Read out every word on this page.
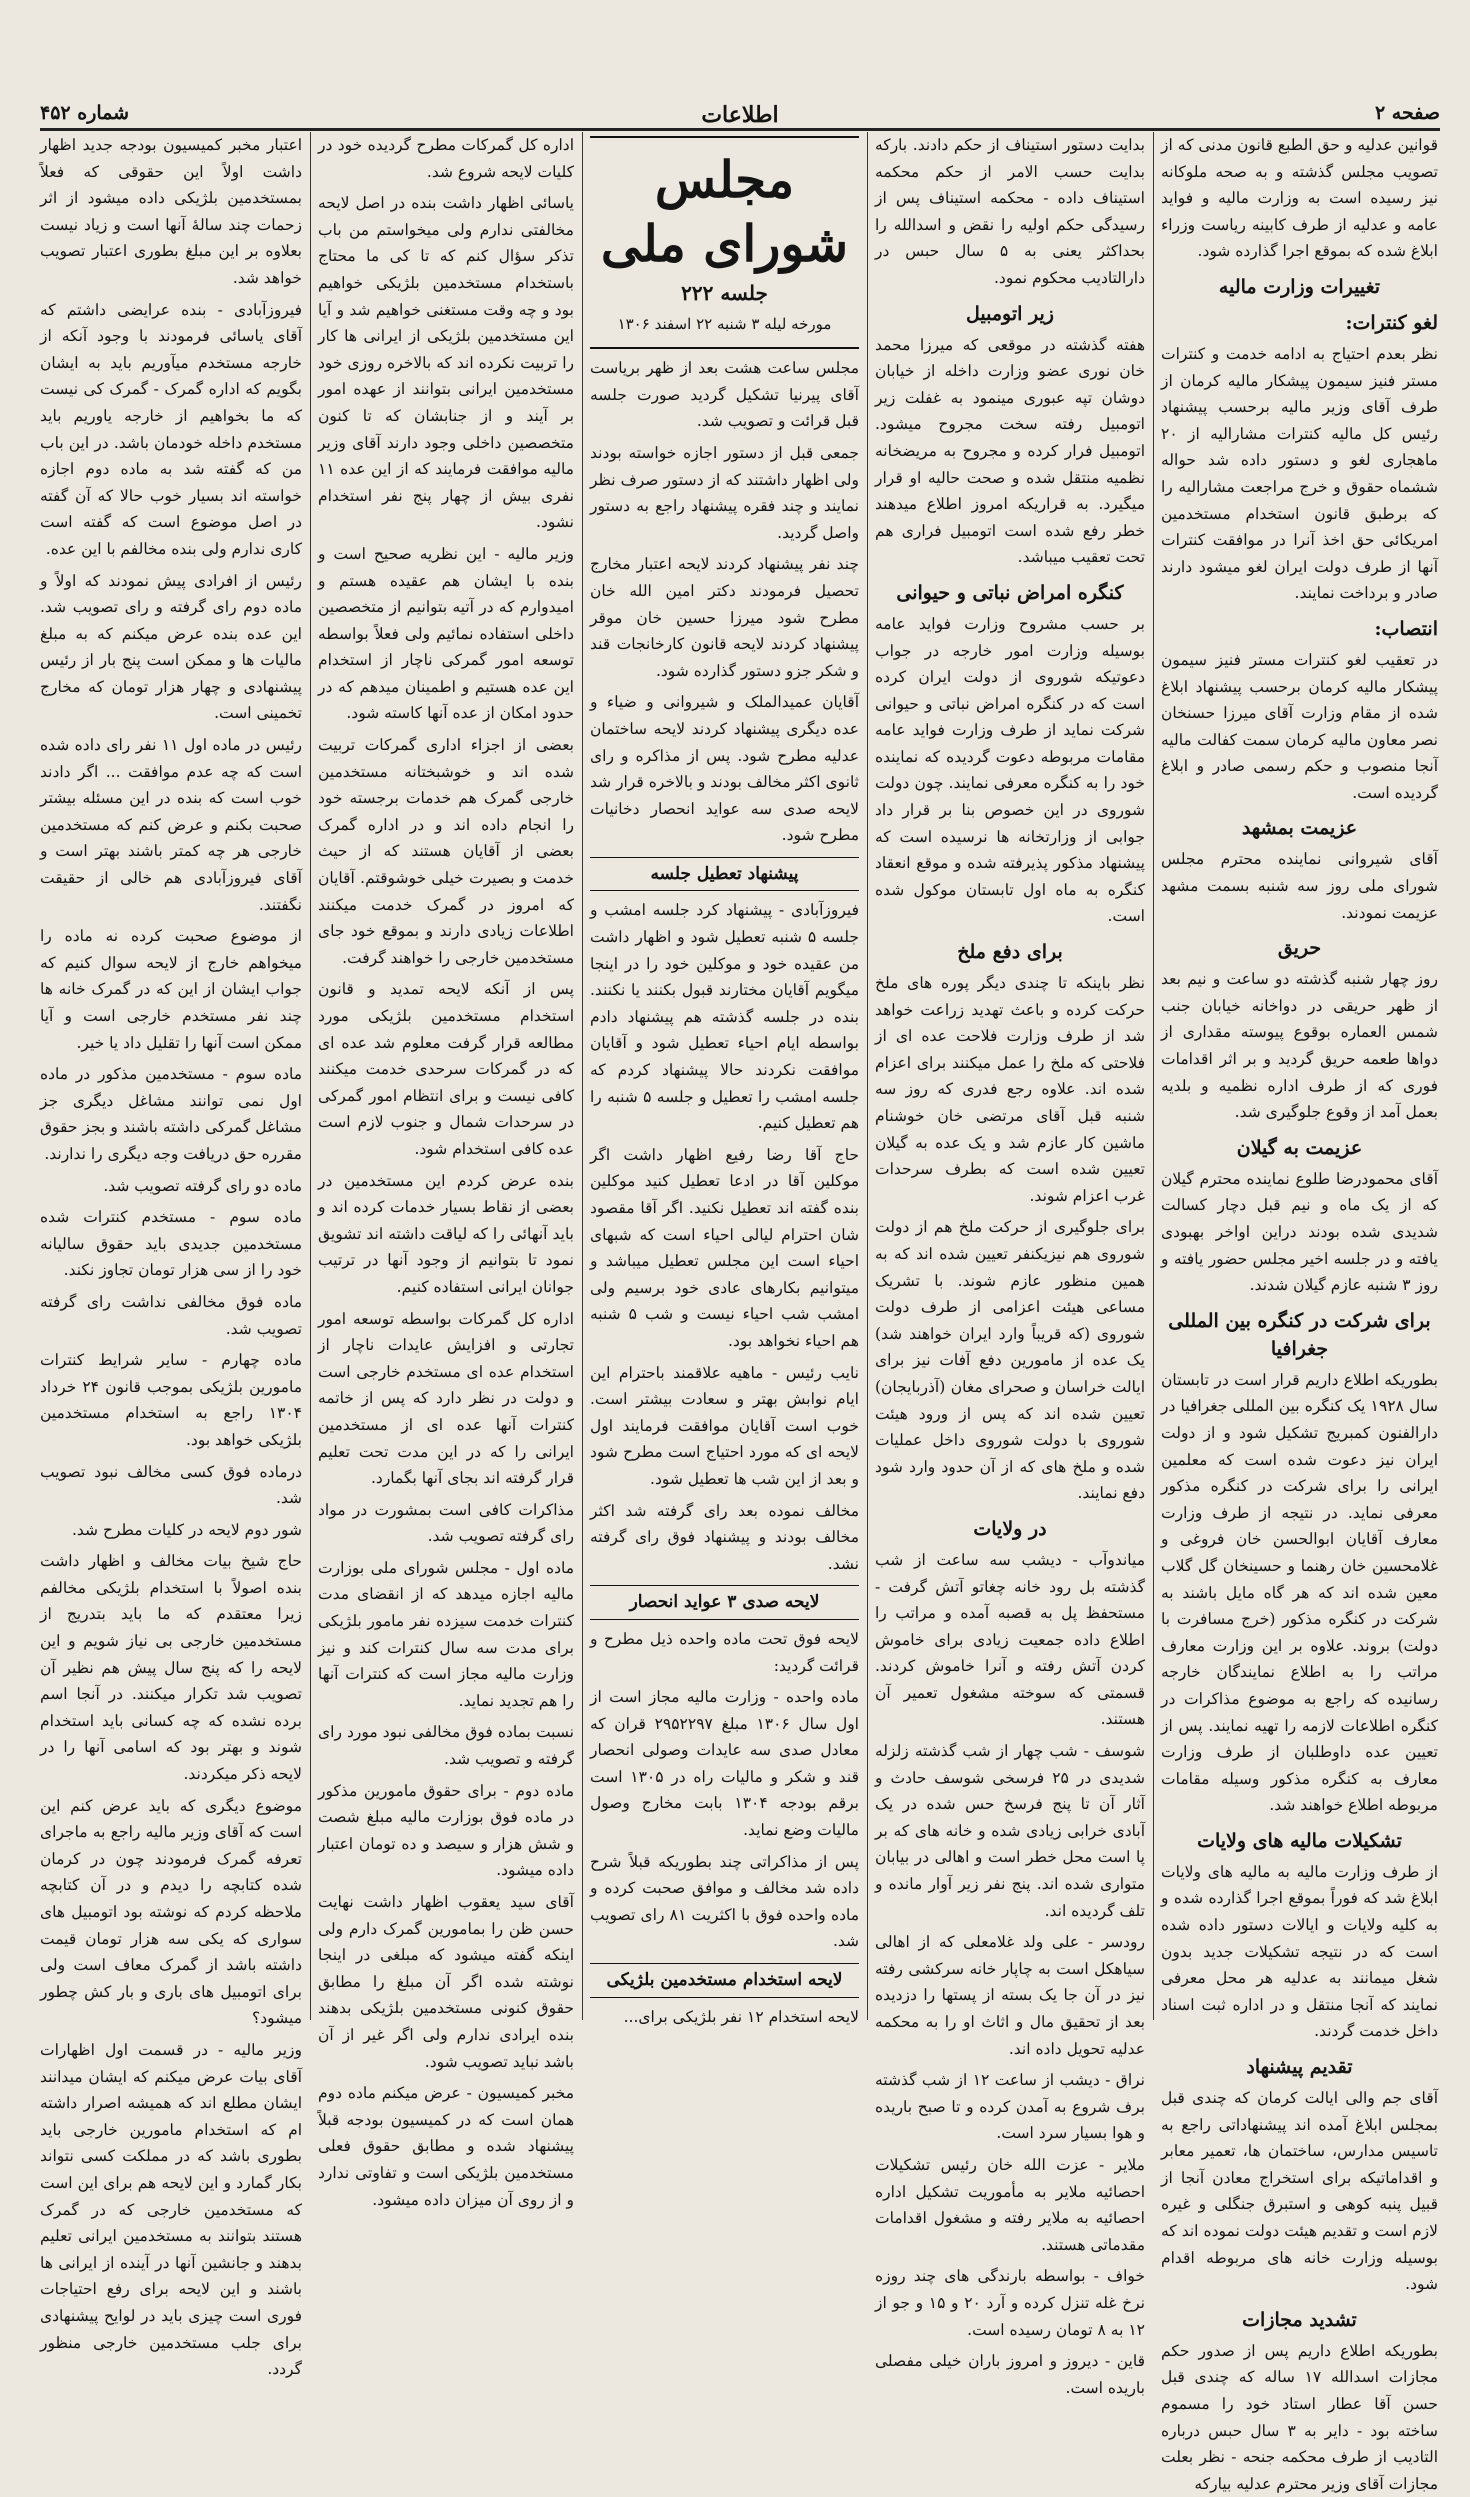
صفحه ۲
اطلاعات
شماره ۴۵۲

قوانین عدلیه و حق الطبع قانون مدنی که از تصویب مجلس گذشته و به صحه ملوکانه نیز رسیده است به وزارت مالیه و فواید عامه و عدلیه از طرف کابینه ریاست وزراء ابلاغ شده که بموقع اجرا گذارده شود.

تغییرات وزارت مالیه
لغو کنترات:

نظر بعدم احتیاج به ادامه خدمت و کنترات مستر فنیز سیمون پیشکار مالیه کرمان از طرف آقای وزیر مالیه برحسب پیشنهاد رئیس کل مالیه کنترات مشارالیه از ۲۰ ماهجاری لغو و دستور داده شد حواله ششماه حقوق و خرج مراجعت مشارالیه را که برطبق قانون استخدام مستخدمین امریکائی حق اخذ آنرا در موافقت کنترات آنها از طرف دولت ایران لغو میشود دارند صادر و برداخت نمایند.

انتصاب:

در تعقیب لغو کنترات مستر فنیز سیمون پیشکار مالیه کرمان برحسب پیشنهاد ابلاغ شده از مقام وزارت آقای میرزا حسنخان نصر معاون مالیه کرمان سمت کفالت مالیه آنجا منصوب و حکم رسمی صادر و ابلاغ گردیده است.

عزیمت بمشهد

آقای شیروانی نماینده محترم مجلس شورای ملی روز سه شنبه بسمت مشهد عزیمت نمودند.

حریق

روز چهار شنبه گذشته دو ساعت و نیم بعد از ظهر حریقی در دواخانه خیابان جنب شمس العماره بوقوع پیوسته مقداری از دواها طعمه حریق گردید و بر اثر اقدامات فوری که از طرف اداره نظمیه و بلدیه بعمل آمد از وقوع جلوگیری شد.

عزیمت به گیلان

آقای محمودرضا طلوع نماینده محترم گیلان که از یک ماه و نیم قبل دچار کسالت شدیدی شده بودند دراین اواخر بهبودی یافته و در جلسه اخیر مجلس حضور یافته و روز ۳ شنبه عازم گیلان شدند.

برای شرکت در کنگره بین المللی جغرافیا

بطوریکه اطلاع داریم قرار است در تابستان سال ۱۹۲۸ یک کنگره بین المللی جغرافیا در دارالفنون کمبریج تشکیل شود و از دولت ایران نیز دعوت شده است که معلمین ایرانی را برای شرکت در کنگره مذکور معرفی نماید. در نتیجه از طرف وزارت معارف آقایان ابوالحسن خان فروغی و غلامحسین خان رهنما و حسینخان گل گلاب معین شده اند که هر گاه مایل باشند به شرکت در کنگره مذکور (خرج مسافرت با دولت) بروند. علاوه بر این وزارت معارف مراتب را به اطلاع نمایندگان خارجه رسانیده که راجع به موضوع مذاکرات در کنگره اطلاعات لازمه را تهیه نمایند. پس از تعیین عده داوطلبان از طرف وزارت معارف به کنگره مذکور وسیله مقامات مربوطه اطلاع خواهند شد.

تشکیلات مالیه های ولایات

از طرف وزارت مالیه به مالیه های ولایات ابلاغ شد که فوراً بموقع اجرا گذارده شده و به کلیه ولایات و ایالات دستور داده شده است که در نتیجه تشکیلات جدید بدون شغل میمانند به عدلیه هر محل معرفی نمایند که آنجا منتقل و در اداره ثبت اسناد داخل خدمت گردند.

تقدیم پیشنهاد

آقای جم والی ایالت کرمان که چندی قبل بمجلس ابلاغ آمده اند پیشنهاداتی راجع به تاسیس مدارس، ساختمان ها، تعمیر معابر و اقداماتیکه برای استخراج معادن آنجا از قبیل پنبه کوهی و استبرق جنگلی و غیره لازم است و تقدیم هیئت دولت نموده اند که بوسیله وزارت خانه های مربوطه اقدام شود.

تشدید مجازات

بطوریکه اطلاع داریم پس از صدور حکم مجازات اسدالله ۱۷ ساله که چندی قبل حسن آقا عطار استاد خود را مسموم ساخته بود - دایر به ۳ سال حبس درباره التادیب از طرف محکمه جنحه - نظر بعلت مجازات آقای وزیر محترم عدلیه بیارکه

بدایت دستور استیناف از حکم دادند. بارکه بدایت حسب الامر از حکم محکمه استیناف داده - محکمه استیناف پس از رسیدگی حکم اولیه را نقض و اسدالله را بحداکثر یعنی به ۵ سال حبس در دارالتادیب محکوم نمود.

زیر اتومبیل

هفته گذشته در موقعی که میرزا محمد خان نوری عضو وزارت داخله از خیابان دوشان تپه عبوری مینمود به غفلت زیر اتومبیل رفته سخت مجروح میشود. اتومبیل فرار کرده و مجروح به مریضخانه نظمیه منتقل شده و صحت حالیه او قرار میگیرد. به قراریکه امروز اطلاع میدهند خطر رفع شده است اتومبیل فراری هم تحت تعقیب میباشد.

کنگره امراض نباتی و حیوانی

بر حسب مشروح وزارت فواید عامه بوسیله وزارت امور خارجه در جواب دعوتیکه شوروی از دولت ایران کرده است که در کنگره امراض نباتی و حیوانی شرکت نماید از طرف وزارت فواید عامه مقامات مربوطه دعوت گردیده که نماینده خود را به کنگره معرفی نمایند. چون دولت شوروی در این خصوص بنا بر قرار داد جوابی از وزارتخانه ها نرسیده است که پیشنهاد مذکور پذیرفته شده و موقع انعقاد کنگره به ماه اول تابستان موکول شده است.

برای دفع ملخ

نظر باینکه تا چندی دیگر پوره های ملخ حرکت کرده و باعث تهدید زراعت خواهد شد از طرف وزارت فلاحت عده ای از فلاحتی که ملخ را عمل میکنند برای اعزام شده اند. علاوه رجع فدری که روز سه شنبه قبل آقای مرتضی خان خوشنام ماشین کار عازم شد و یک عده به گیلان تعیین شده است که بطرف سرحدات غرب اعزام شوند.

برای جلوگیری از حرکت ملخ هم از دولت شوروی هم نیزیکنفر تعیین شده اند که به همین منظور عازم شوند. با تشریک مساعی هیئت اعزامی از طرف دولت شوروی (که قریباً وارد ایران خواهند شد) یک عده از مامورین دفع آفات نیز برای ایالت خراسان و صحرای مغان (آذربایجان) تعیین شده اند که پس از ورود هیئت شوروی با دولت شوروی داخل عملیات شده و ملخ های که از آن حدود وارد شود دفع نمایند.

در ولایات

میاندوآب - دیشب سه ساعت از شب گذشته بل رود خانه چغاتو آتش گرفت - مستحفظ پل به قصبه آمده و مراتب را اطلاع داده جمعیت زیادی برای خاموش کردن آتش رفته و آنرا خاموش کردند. قسمتی که سوخته مشغول تعمیر آن هستند.

شوسف - شب چهار از شب گذشته زلزله شدیدی در ۲۵ فرسخی شوسف حادث و آثار آن تا پنج فرسخ حس شده در یک آبادی خرابی زیادی شده و خانه های که بر پا است محل خطر است و اهالی در بیابان متواری شده اند. پنج نفر زیر آوار مانده و تلف گردیده اند.

رودسر - علی ولد غلامعلی که از اهالی سیاهکل است به چاپار خانه سرکشی رفته نیز در آن جا یک بسته از پستها را دزدیده بعد از تحقیق مال و اثاث او را به محکمه عدلیه تحویل داده اند.

نراق - دیشب از ساعت ۱۲ از شب گذشته برف شروع به آمدن کرده و تا صبح باریده و هوا بسیار سرد است.

ملایر - عزت الله خان رئیس تشکیلات احصائیه ملایر به مأموریت تشکیل اداره احصائیه به ملایر رفته و مشغول اقدامات مقدماتی هستند.

خواف - بواسطه بارندگی های چند روزه نرخ غله تنزل کرده و آرد ۲۰ و ۱۵ و جو از ۱۲ به ۸ تومان رسیده است.

قاین - دیروز و امروز باران خیلی مفصلی باریده است.

مجلس شورای ملی
جلسه ۲۲۲
مورخه لیله ۳ شنبه ۲۲ اسفند ۱۳۰۶

مجلس ساعت هشت بعد از ظهر بریاست آقای پیرنیا تشکیل گردید صورت جلسه قبل قرائت و تصویب شد.

جمعی قبل از دستور اجازه خواسته بودند ولی اظهار داشتند که از دستور صرف نظر نمایند و چند فقره پیشنهاد راجع به دستور واصل گردید.

چند نفر پیشنهاد کردند لایحه اعتبار مخارج تحصیل فرمودند دکتر امین الله خان مطرح شود میرزا حسین خان موقر پیشنهاد کردند لایحه قانون کارخانجات قند و شکر جزو دستور گذارده شود.

آقایان عمیدالملک و شیروانی و ضیاء و عده دیگری پیشنهاد کردند لایحه ساختمان عدلیه مطرح شود. پس از مذاکره و رای ثانوی اکثر مخالف بودند و بالاخره قرار شد لایحه صدی سه عواید انحصار دخانیات مطرح شود.

پیشنهاد تعطیل جلسه

فیروزآبادی - پیشنهاد کرد جلسه امشب و جلسه ۵ شنبه تعطیل شود و اظهار داشت من عقیده خود و موکلین خود را در اینجا میگویم آقایان مختارند قبول بکنند یا نکنند. بنده در جلسه گذشته هم پیشنهاد دادم بواسطه ایام احیاء تعطیل شود و آقایان موافقت نکردند حالا پیشنهاد کردم که جلسه امشب را تعطیل و جلسه ۵ شنبه را هم تعطیل کنیم.

حاج آقا رضا رفیع اظهار داشت اگر موکلین آقا در ادعا تعطیل کنید موکلین بنده گفته اند تعطیل نکنید. اگر آقا مقصود شان احترام لیالی احیاء است که شبهای احیاء است این مجلس تعطیل میباشد و میتوانیم بکارهای عادی خود برسیم ولی امشب شب احیاء نیست و شب ۵ شنبه هم احیاء نخواهد بود.

نایب رئیس - ماهیه علاقمند باحترام این ایام نوابش بهتر و سعادت بیشتر است. خوب است آقایان موافقت فرمایند اول لایحه ای که مورد احتیاج است مطرح شود و بعد از این شب ها تعطیل شود.

مخالف نموده بعد رای گرفته شد اکثر مخالف بودند و پیشنهاد فوق رای گرفته نشد.

لایحه صدی ۳ عواید انحصار

لایحه فوق تحت ماده واحده ذیل مطرح و قرائت گردید:

ماده واحده - وزارت مالیه مجاز است از اول سال ۱۳۰۶ مبلغ ۲۹۵۲۲۹۷ قران که معادل صدی سه عایدات وصولی انحصار قند و شکر و مالیات راه در ۱۳۰۵ است برقم بودجه ۱۳۰۴ بابت مخارج وصول مالیات وضع نماید.

پس از مذاکراتی چند بطوریکه قبلاً شرح داده شد مخالف و موافق صحبت کرده و ماده واحده فوق با اکثریت ۸۱ رای تصویب شد.

لایحه استخدام مستخدمین بلژیکی

لایحه استخدام ۱۲ نفر بلژیکی برای...

اداره کل گمرکات مطرح گردیده خود در کلیات لایحه شروع شد.

یاسائی اظهار داشت بنده در اصل لایحه مخالفتی ندارم ولی میخواستم من باب تذکر سؤال کنم که تا کی ما محتاج باستخدام مستخدمین بلژیکی خواهیم بود و چه وقت مستغنی خواهیم شد و آیا این مستخدمین بلژیکی از ایرانی ها کار را تربیت نکرده اند که بالاخره روزی خود مستخدمین ایرانی بتوانند از عهده امور بر آیند و از جنابشان که تا کنون متخصصین داخلی وجود دارند آقای وزیر مالیه موافقت فرمایند که از این عده ۱۱ نفری بیش از چهار پنج نفر استخدام نشود.

وزیر مالیه - این نظریه صحیح است و بنده با ایشان هم عقیده هستم و امیدوارم که در آتیه بتوانیم از متخصصین داخلی استفاده نمائیم ولی فعلاً بواسطه توسعه امور گمرکی ناچار از استخدام این عده هستیم و اطمینان میدهم که در حدود امکان از عده آنها کاسته شود.

بعضی از اجزاء اداری گمرکات تربیت شده اند و خوشبختانه مستخدمین خارجی گمرک هم خدمات برجسته خود را انجام داده اند و در اداره گمرک بعضی از آقایان هستند که از حیث خدمت و بصیرت خیلی خوشوقتم. آقایان که امروز در گمرک خدمت میکنند اطلاعات زیادی دارند و بموقع خود جای مستخدمین خارجی را خواهند گرفت.

پس از آنکه لایحه تمدید و قانون استخدام مستخدمین بلژیکی مورد مطالعه قرار گرفت معلوم شد عده ای که در گمرکات سرحدی خدمت میکنند کافی نیست و برای انتظام امور گمرکی در سرحدات شمال و جنوب لازم است عده کافی استخدام شود.

بنده عرض کردم این مستخدمین در بعضی از نقاط بسیار خدمات کرده اند و باید آنهائی را که لیاقت داشته اند تشویق نمود تا بتوانیم از وجود آنها در ترتیب جوانان ایرانی استفاده کنیم.

اداره کل گمرکات بواسطه توسعه امور تجارتی و افزایش عایدات ناچار از استخدام عده ای مستخدم خارجی است و دولت در نظر دارد که پس از خاتمه کنترات آنها عده ای از مستخدمین ایرانی را که در این مدت تحت تعلیم قرار گرفته اند بجای آنها بگمارد.

مذاکرات کافی است بمشورت در مواد رای گرفته تصویب شد.

ماده اول - مجلس شورای ملی بوزارت مالیه اجازه میدهد که از انقضای مدت کنترات خدمت سیزده نفر مامور بلژیکی برای مدت سه سال کنترات کند و نیز وزارت مالیه مجاز است که کنترات آنها را هم تجدید نماید.

نسبت بماده فوق مخالفی نبود مورد رای گرفته و تصویب شد.

ماده دوم - برای حقوق مامورین مذکور در ماده فوق بوزارت مالیه مبلغ شصت و شش هزار و سیصد و ده تومان اعتبار داده میشود.

آقای سید یعقوب اظهار داشت نهایت حسن ظن را بمامورین گمرک دارم ولی اینکه گفته میشود که مبلغی در اینجا نوشته شده اگر آن مبلغ را مطابق حقوق کنونی مستخدمین بلژیکی بدهند بنده ایرادی ندارم ولی اگر غیر از آن باشد نباید تصویب شود.

مخبر کمیسیون - عرض میکنم ماده دوم همان است که در کمیسیون بودجه قبلاً پیشنهاد شده و مطابق حقوق فعلی مستخدمین بلژیکی است و تفاوتی ندارد و از روی آن میزان داده میشود.

اعتبار مخبر کمیسیون بودجه جدید اظهار داشت اولاً این حقوقی که فعلاً بمستخدمین بلژیکی داده میشود از اثر زحمات چند سالهٔ آنها است و زیاد نیست بعلاوه بر این مبلغ بطوری اعتبار تصویب خواهد شد.

فیروزآبادی - بنده عرایضی داشتم که آقای یاسائی فرمودند با وجود آنکه از خارجه مستخدم میآوریم باید به ایشان بگویم که اداره گمرک - گمرک کی نیست که ما بخواهیم از خارجه یاوریم باید مستخدم داخله خودمان باشد. در این باب من که گفته شد به ماده دوم اجازه خواسته اند بسیار خوب حالا که آن گفته در اصل موضوع است که گفته است کاری ندارم ولی بنده مخالفم با این عده.

رئیس از افرادی پیش نمودند که اولاً و ماده دوم رای گرفته و رای تصویب شد. این عده بنده عرض میکنم که به مبلغ مالیات ها و ممکن است پنج بار از رئیس پیشنهادی و چهار هزار تومان که مخارج تخمینی است.

رئیس در ماده اول ۱۱ نفر رای داده شده است که چه عدم موافقت ... اگر دادند خوب است که بنده در این مسئله بیشتر صحبت بکنم و عرض کنم که مستخدمین خارجی هر چه کمتر باشند بهتر است و آقای فیروزآبادی هم خالی از حقیقت نگفتند.

از موضوع صحبت کرده نه ماده را میخواهم خارج از لایحه سوال کنیم که جواب ایشان از این که در گمرک خانه ها چند نفر مستخدم خارجی است و آیا ممکن است آنها را تقلیل داد یا خیر.

ماده سوم - مستخدمین مذکور در ماده اول نمی توانند مشاغل دیگری جز مشاغل گمرکی داشته باشند و بجز حقوق مقرره حق دریافت وجه دیگری را ندارند.

ماده دو رای گرفته تصویب شد.

ماده سوم - مستخدم کنترات شده مستخدمین جدیدی باید حقوق سالیانه خود را از سی هزار تومان تجاوز نکند.

ماده فوق مخالفی نداشت رای گرفته تصویب شد.

ماده چهارم - سایر شرایط کنترات مامورین بلژیکی بموجب قانون ۲۴ خرداد ۱۳۰۴ راجع به استخدام مستخدمین بلژیکی خواهد بود.

درماده فوق کسی مخالف نبود تصویب شد.

شور دوم لایحه در کلیات مطرح شد.

حاج شیخ بیات مخالف و اظهار داشت بنده اصولاً با استخدام بلژیکی مخالفم زیرا معتقدم که ما باید بتدریج از مستخدمین خارجی بی نیاز شویم و این لایحه را که پنج سال پیش هم نظیر آن تصویب شد تکرار میکنند. در آنجا اسم برده نشده که چه کسانی باید استخدام شوند و بهتر بود که اسامی آنها را در لایحه ذکر میکردند.

موضوع دیگری که باید عرض کنم این است که آقای وزیر مالیه راجع به ماجرای تعرفه گمرک فرمودند چون در کرمان شده کتابچه را دیدم و در آن کتابچه ملاحظه کردم که نوشته بود اتومبیل های سواری که یکی سه هزار تومان قیمت داشته باشد از گمرک معاف است ولی برای اتومبیل های باری و بار کش چطور میشود؟

وزیر مالیه - در قسمت اول اظهارات آقای بیات عرض میکنم که ایشان میدانند ایشان مطلع اند که همیشه اصرار داشته ام که استخدام مامورین خارجی باید بطوری باشد که در مملکت کسی نتواند بکار گمارد و این لایحه هم برای این است که مستخدمین خارجی که در گمرک هستند بتوانند به مستخدمین ایرانی تعلیم بدهند و جانشین آنها در آینده از ایرانی ها باشند و این لایحه برای رفع احتیاجات فوری است چیزی باید در لوایح پیشنهادی برای جلب مستخدمین خارجی منظور گردد.
